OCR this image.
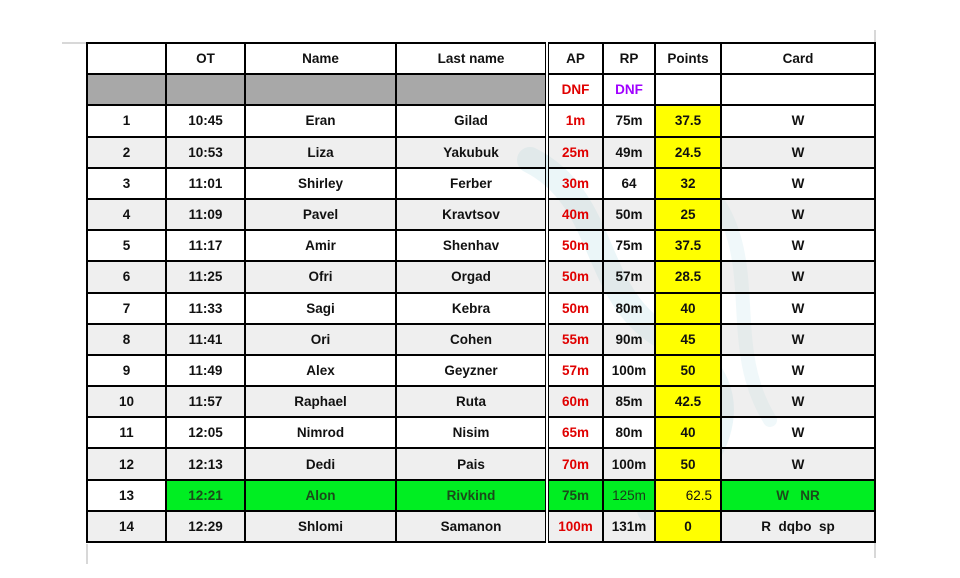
	OT	Name	Last name	AP	RP	Points	Card
				DNF	DNF		
1	10:45	Eran	Gilad	1m	75m	37.5	W
2	10:53	Liza	Yakubuk	25m	49m	24.5	W
3	11:01	Shirley	Ferber	30m	64	32	W
4	11:09	Pavel	Kravtsov	40m	50m	25	W
5	11:17	Amir	Shenhav	50m	75m	37.5	W
6	11:25	Ofri	Orgad	50m	57m	28.5	W
7	11:33	Sagi	Kebra	50m	80m	40	W
8	11:41	Ori	Cohen	55m	90m	45	W
9	11:49	Alex	Geyzner	57m	100m	50	W
10	11:57	Raphael	Ruta	60m	85m	42.5	W
11	12:05	Nimrod	Nisim	65m	80m	40	W
12	12:13	Dedi	Pais	70m	100m	50	W
13	12:21	Alon	Rivkind	75m	125m	62.5	W   NR
14	12:29	Shlomi	Samanon	100m	131m	0	R  dqbo  sp
